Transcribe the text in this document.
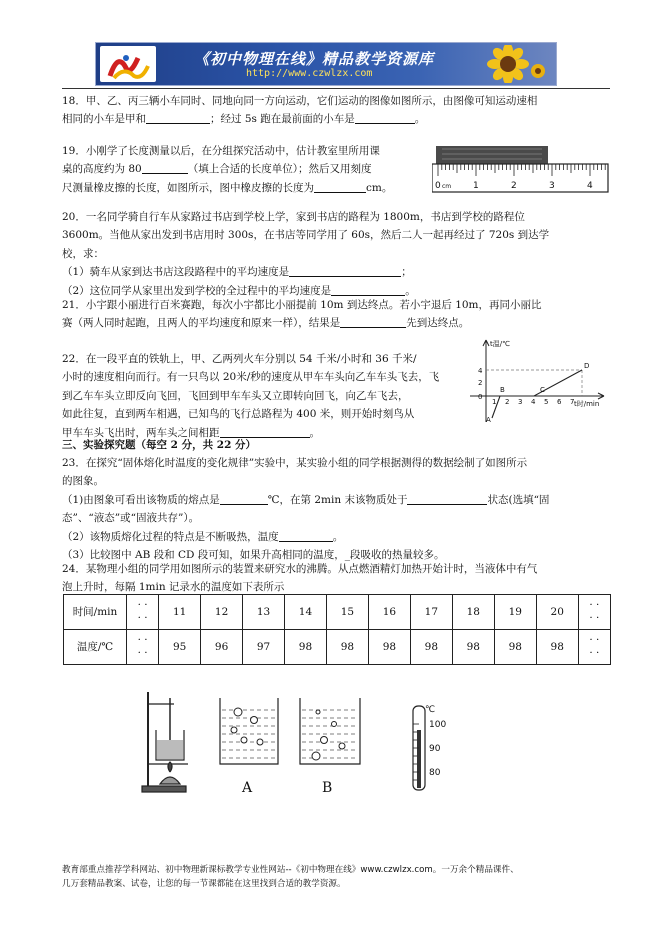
《初中物理在线》精品教学资源库
http://www.czwlzx.com
18．甲、乙、丙三辆小车同时、同地向同一方向运动，它们运动的图像如图所示，由图像可知运动速相
相同的小车是甲和	；经过 5s 跑在最前面的小车是	。
19．小刚学了长度测量以后，在分组探究活动中，估计教室里所用课
桌的高度约为 80	（填上合适的长度单位）；然后又用刻度
尺测量橡皮擦的长度，如图所示，图中橡皮擦的长度为	cm。	0 cm 1	2	3	4
20．一名同学骑自行车从家路过书店到学校上学，家到书店的路程为 1800m，书店到学校的路程位
3600m。当他从家出发到书店用时 300s，在书店等同学用了 60s，然后二人一起再经过了 720s 到达学
校，求：
（1）骑车从家到达书店这段路程中的平均速度是	；
（2）这位同学从家里出发到学校的全过程中的平均速度是	。
21．小宇跟小丽进行百米赛跑，每次小宇都比小丽提前 10m 到达终点。若小宇退后 10m，再同小丽比
赛（两人同时起跑，且两人的平均速度和原来一样），结果是	先到达终点。
22．在一段平直的铁轨上，甲、乙两列火车分别以 54 千米/小时和 36 千米/
小时的速度相向而行。有一只鸟以 20米/秒的速度从甲车车头向乙车车头飞去，飞
到乙车车头立即反向飞回，飞回到甲车车头又立即转向回飞，向乙车飞去，
如此往复，直到两车相遇，已知鸟的飞行总路程为 400 米，则开始时刻鸟从
甲车车头飞出时，两车头之间相距	。
t温/℃
t时/min
A
B	C
D
4
2
0
1 2 3 4 5 6 7
三、实验探究题（每空 2 分，共 22 分）
23．在探究“固体熔化时温度的变化规律”实验中，某实验小组的同学根据测得的数据绘制了如图所示
的图象。
（1)由图象可看出该物质的熔点是	℃，在第 2min 末该物质处于	状态(选填“固
态”、“液态”或“固液共存”）。
（2）该物质熔化过程的特点是不断吸热，温度	。
（3）比较图中 AB 段和 CD 段可知，如果升高相同的温度，_段吸收的热量较多。
24．某物理小组的同学用如图所示的装置来研究水的沸腾。从点燃酒精灯加热开始计时，当液体中有气
泡上升时，每隔 1min 记录水的温度如下表所示
时间/min	· ·
· ·	11	12	13	14	15	16	17	18	19	20	· ·
· ·
温度/℃	· ·
· ·	95	96	97	98	98	98	98	98	98	98	· ·
· ·
A	B
℃
100
90
80
教育部重点推荐学科网站、初中物理新课标教学专业性网站--《初中物理在线》www.czwlzx.com。一万余个精品课件、
几万套精品教案、试卷，让您的每一节课都能在这里找到合适的教学资源。
